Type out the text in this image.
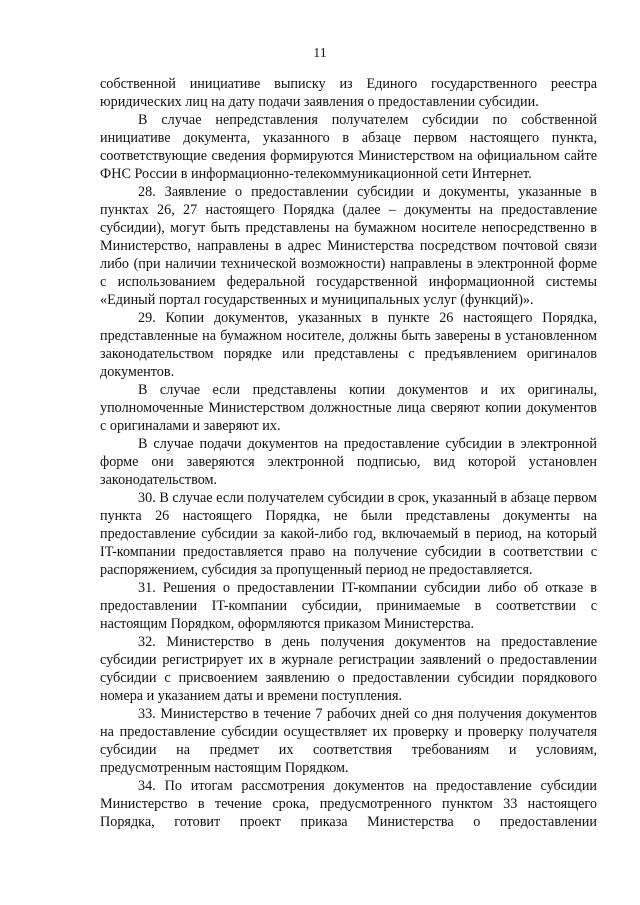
11

собственной инициативе выписку из Единого государственного реестра юридических лиц на дату подачи заявления о предоставлении субсидии.

В случае непредставления получателем субсидии по собственной инициативе документа, указанного в абзаце первом настоящего пункта, соответствующие сведения формируются Министерством на официальном сайте ФНС России в информационно-телекоммуникационной сети Интернет.

28. Заявление о предоставлении субсидии и документы, указанные в пунктах 26, 27 настоящего Порядка (далее – документы на предоставление субсидии), могут быть представлены на бумажном носителе непосредственно в Министерство, направлены в адрес Министерства посредством почтовой связи либо (при наличии технической возможности) направлены в электронной форме с использованием федеральной государственной информационной системы «Единый портал государственных и муниципальных услуг (функций)».

29. Копии документов, указанных в пункте 26 настоящего Порядка, представленные на бумажном носителе, должны быть заверены в установленном законодательством порядке или представлены с предъявлением оригиналов документов.

В случае если представлены копии документов и их оригиналы, уполномоченные Министерством должностные лица сверяют копии документов с оригиналами и заверяют их.

В случае подачи документов на предоставление субсидии в электронной форме они заверяются электронной подписью, вид которой установлен законодательством.

30. В случае если получателем субсидии в срок, указанный в абзаце первом пункта 26 настоящего Порядка, не были представлены документы на предоставление субсидии за какой-либо год, включаемый в период, на который IT-компании предоставляется право на получение субсидии в соответствии с распоряжением, субсидия за пропущенный период не предоставляется.

31. Решения о предоставлении IT-компании субсидии либо об отказе в предоставлении IT-компании субсидии, принимаемые в соответствии с настоящим Порядком, оформляются приказом Министерства.

32. Министерство в день получения документов на предоставление субсидии регистрирует их в журнале регистрации заявлений о предоставлении субсидии с присвоением заявлению о предоставлении субсидии порядкового номера и указанием даты и времени поступления.

33. Министерство в течение 7 рабочих дней со дня получения документов на предоставление субсидии осуществляет их проверку и проверку получателя субсидии на предмет их соответствия требованиям и условиям, предусмотренным настоящим Порядком.

34. По итогам рассмотрения документов на предоставление субсидии Министерство в течение срока, предусмотренного пунктом 33 настоящего Порядка, готовит проект приказа Министерства о предоставлении
